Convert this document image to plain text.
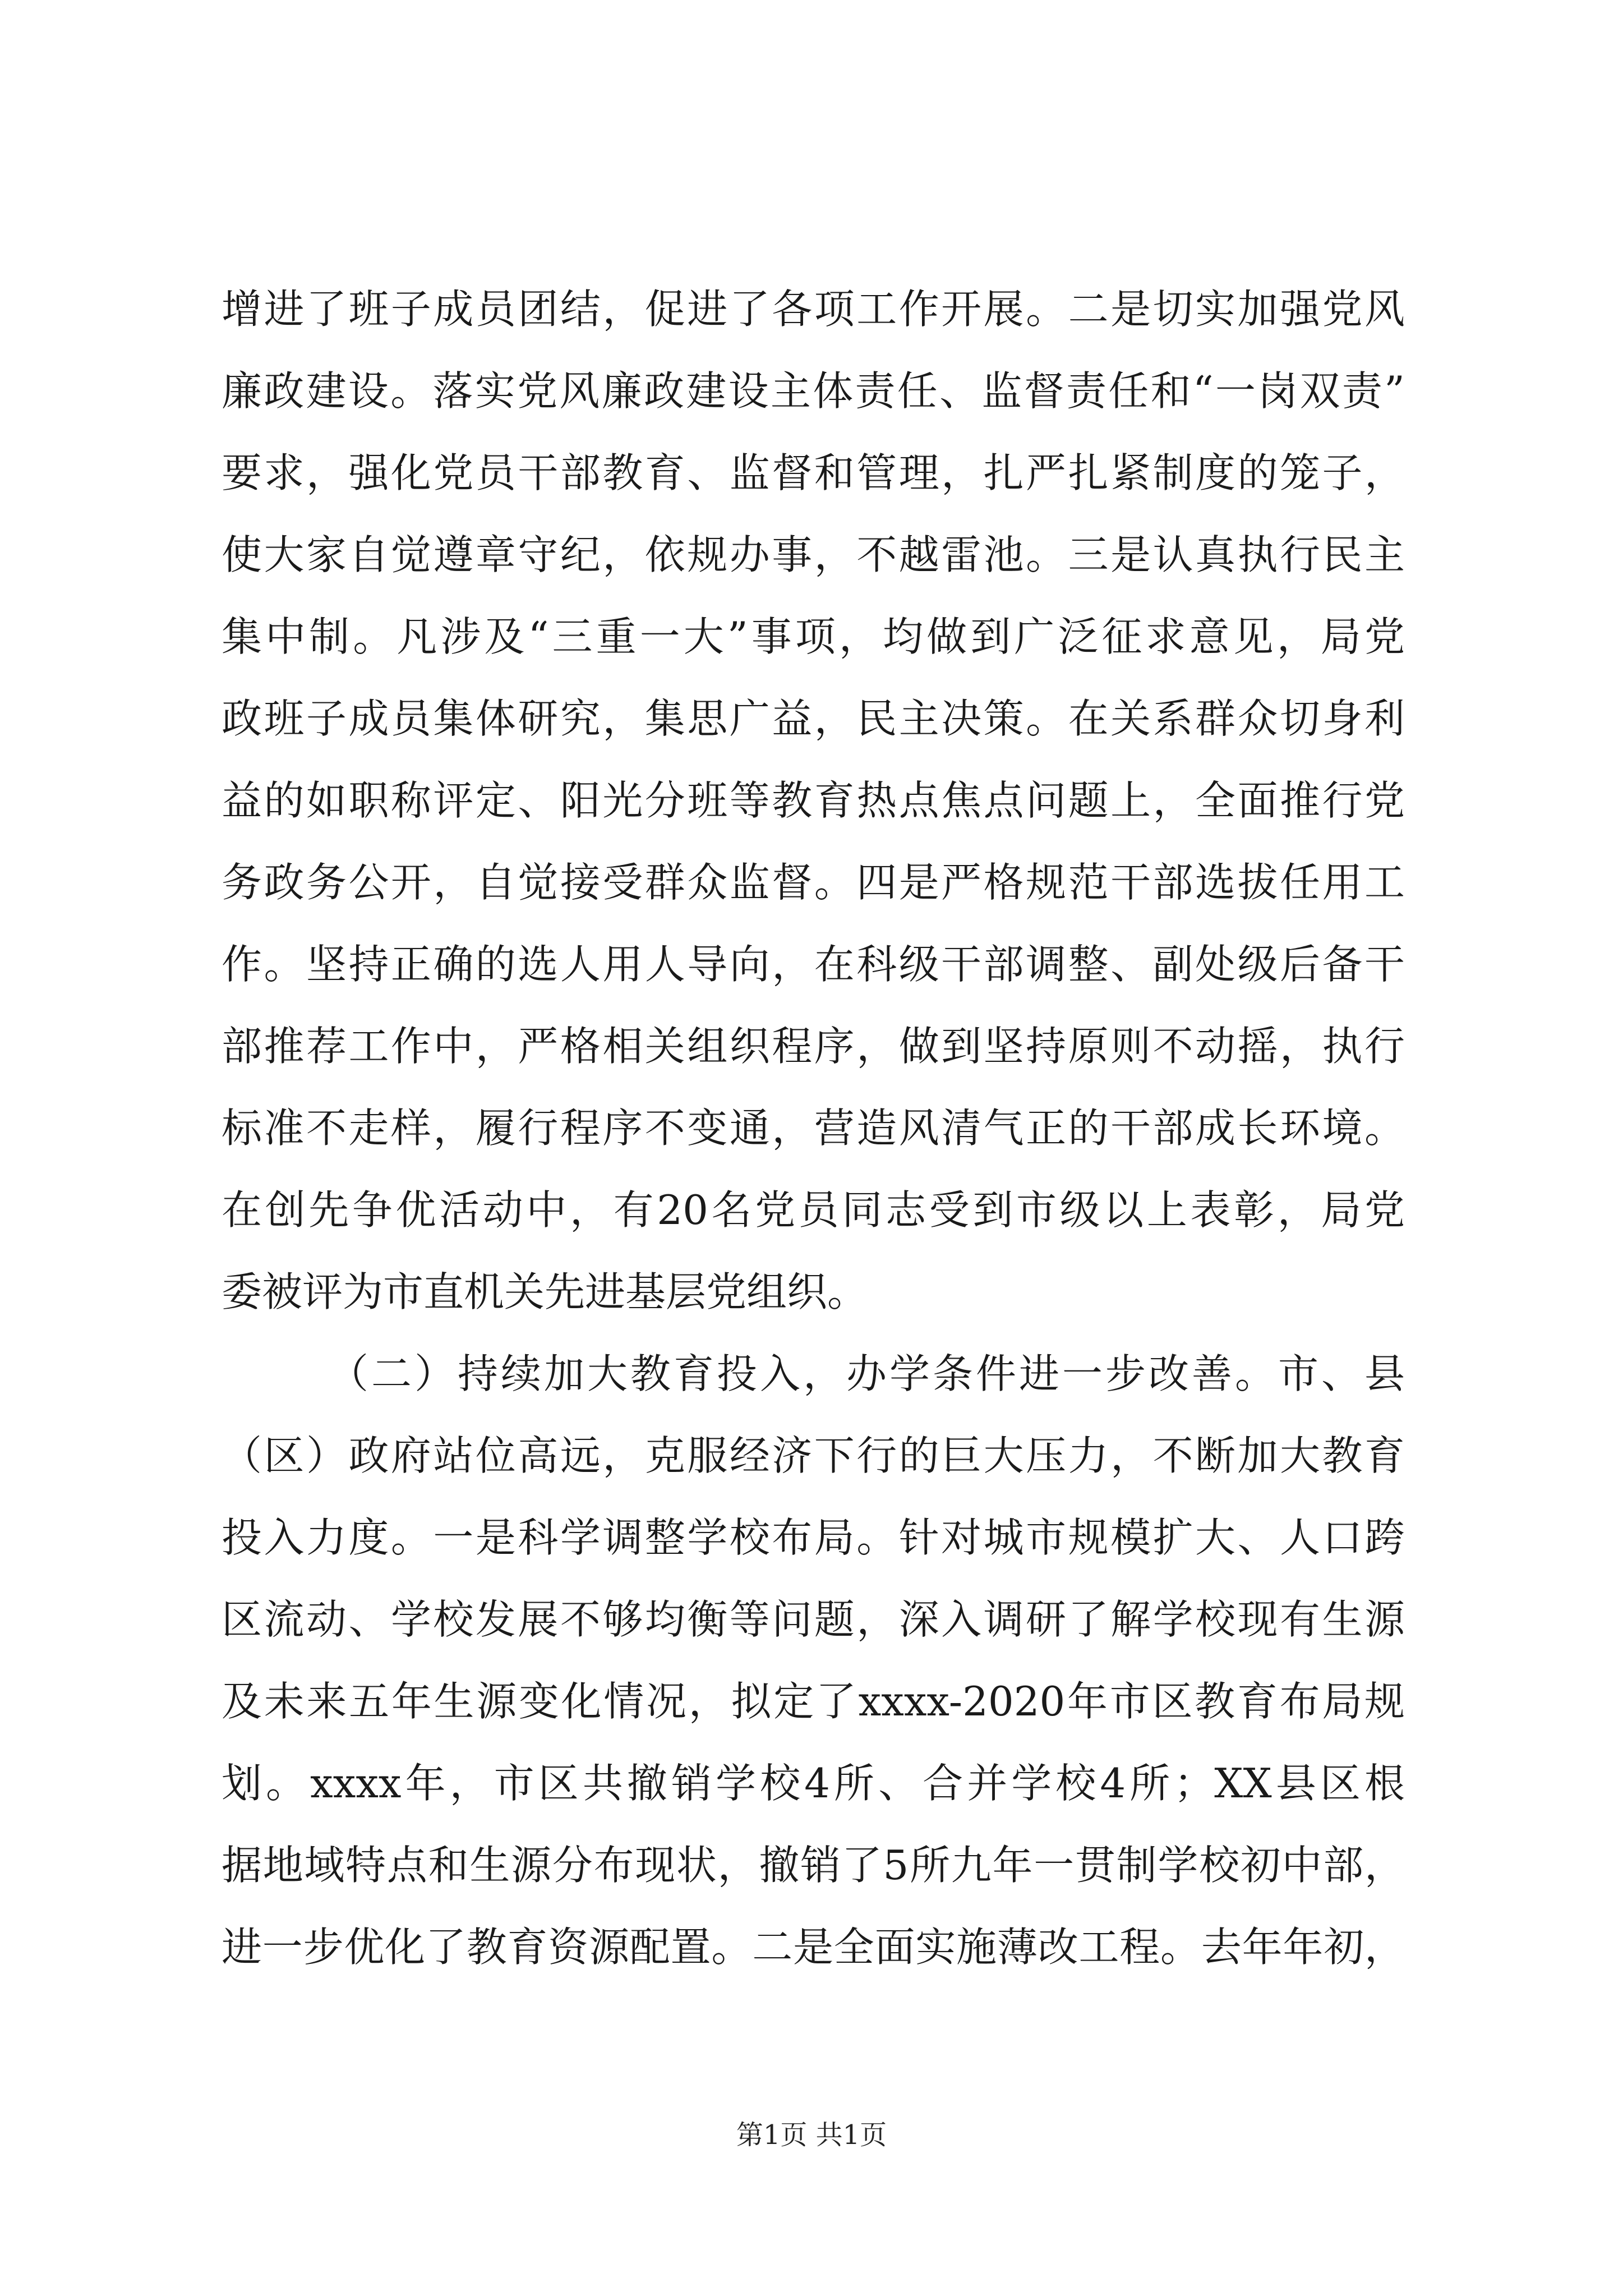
增进了班子成员团结，促进了各项工作开展。二是切实加强党风
廉政建设。落实党风廉政建设主体责任、监督责任和“一岗双责”
要求，强化党员干部教育、监督和管理，扎严扎紧制度的笼子，
使大家自觉遵章守纪，依规办事，不越雷池。三是认真执行民主
集中制。凡涉及“三重一大”事项，均做到广泛征求意见，局党
政班子成员集体研究，集思广益，民主决策。在关系群众切身利
益的如职称评定、阳光分班等教育热点焦点问题上，全面推行党
务政务公开，自觉接受群众监督。四是严格规范干部选拔任用工
作。坚持正确的选人用人导向，在科级干部调整、副处级后备干
部推荐工作中，严格相关组织程序，做到坚持原则不动摇，执行
标准不走样，履行程序不变通，营造风清气正的干部成长环境。
在创先争优活动中，有20名党员同志受到市级以上表彰，局党
委被评为市直机关先进基层党组织。
（二）持续加大教育投入，办学条件进一步改善。市、县
（区）政府站位高远，克服经济下行的巨大压力，不断加大教育
投入力度。一是科学调整学校布局。针对城市规模扩大、人口跨
区流动、学校发展不够均衡等问题，深入调研了解学校现有生源
及未来五年生源变化情况，拟定了xxxx-2020年市区教育布局规
划。xxxx年，市区共撤销学校4所、合并学校4所；XX县区根
据地域特点和生源分布现状，撤销了5所九年一贯制学校初中部，
进一步优化了教育资源配置。二是全面实施薄改工程。去年年初，
第1页 共1页
